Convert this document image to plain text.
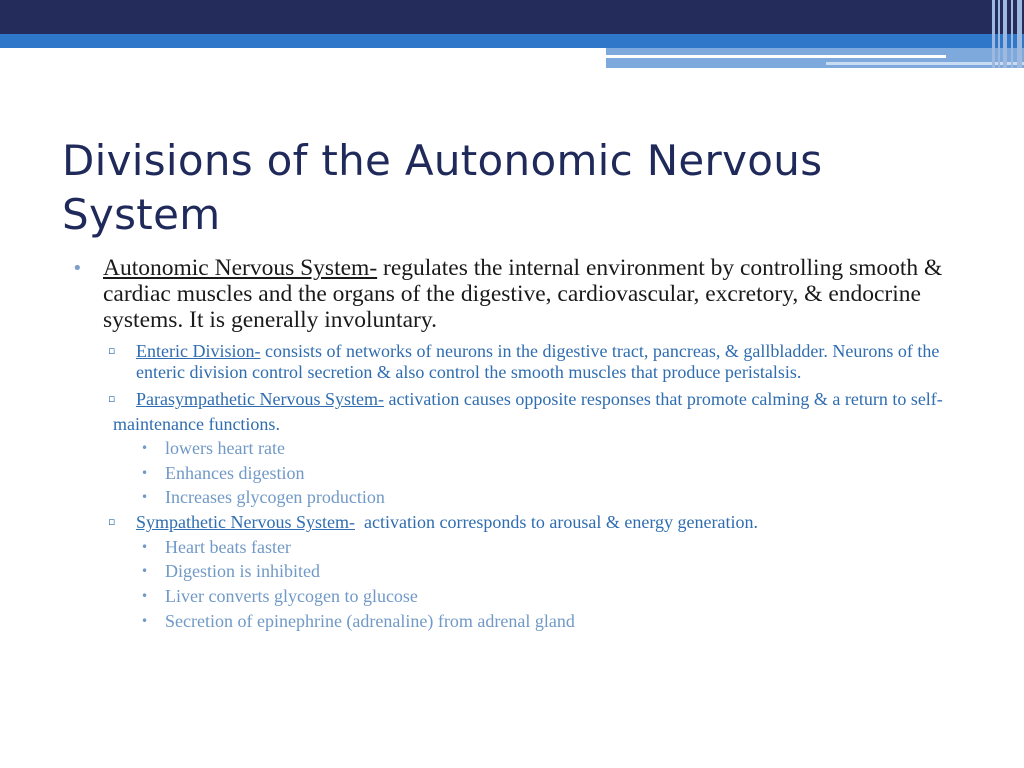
Divisions of the Autonomic Nervous System

• Autonomic Nervous System- regulates the internal environment by controlling smooth & cardiac muscles and the organs of the digestive, cardiovascular, excretory, & endocrine systems. It is generally involuntary.

▫ Enteric Division- consists of networks of neurons in the digestive tract, pancreas, & gallbladder. Neurons of the enteric division control secretion & also control the smooth muscles that produce peristalsis.

▫ Parasympathetic Nervous System- activation causes opposite responses that promote calming & a return to self-maintenance functions.

• lowers heart rate

• Enhances digestion

• Increases glycogen production

▫ Sympathetic Nervous System-  activation corresponds to arousal & energy generation.

• Heart beats faster

• Digestion is inhibited

• Liver converts glycogen to glucose

• Secretion of epinephrine (adrenaline) from adrenal gland
